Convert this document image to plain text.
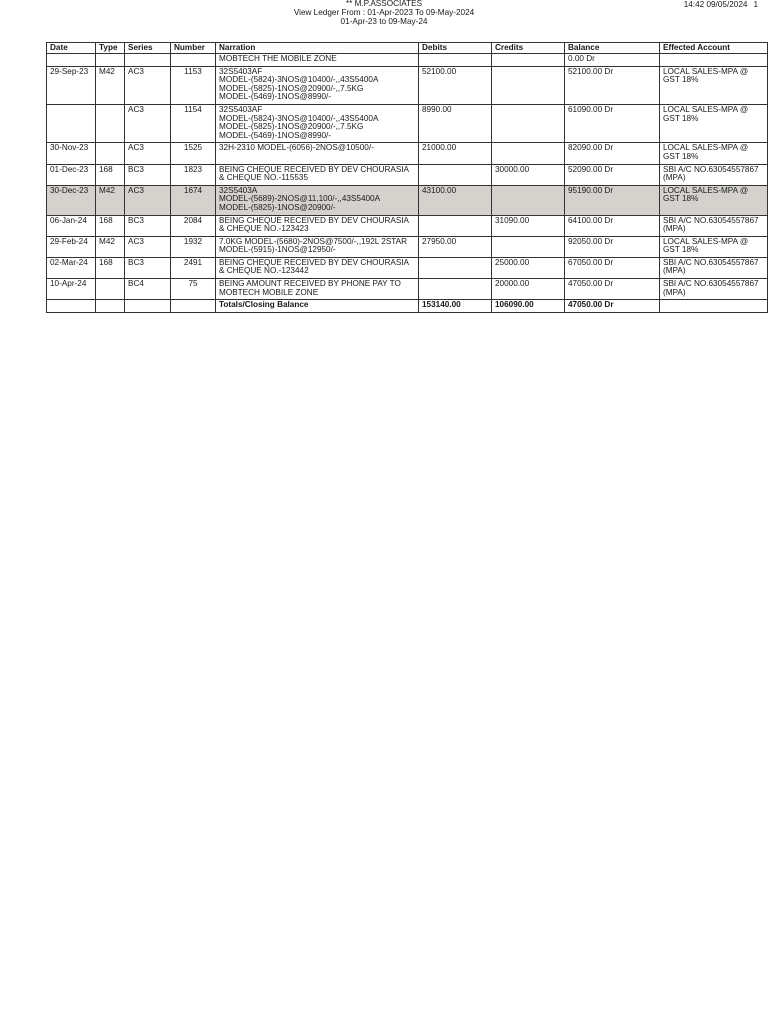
** M.P.ASSOCIATES
View Ledger From : 01-Apr-2023 To 09-May-2024
01-Apr-23 to 09-May-24
14:42 09/05/2024 1
Date	Type	Series	Number	Narration	Debits	Credits	Balance	Effected Account
				MOBTECH THE MOBILE ZONE			0.00 Dr	
29-Sep-23	M42	AC3	1153	32S5403AF
MODEL-(5824)-3NOS@10400/-,,43S5400A
MODEL-(5825)-1NOS@20900/-,,7.5KG
MODEL-(5469)-1NOS@8990/-	52100.00		52100.00 Dr	LOCAL SALES-MPA @
GST 18%
		AC3	1154	32S5403AF
MODEL-(5824)-3NOS@10400/-,,43S5400A
MODEL-(5825)-1NOS@20900/-,,7.5KG
MODEL-(5469)-1NOS@8990/-	8990.00		61090.00 Dr	LOCAL SALES-MPA @
GST 18%
30-Nov-23		AC3	1525	32H-2310 MODEL-(6056)-2NOS@10500/-	21000.00		82090.00 Dr	LOCAL SALES-MPA @
GST 18%
01-Dec-23	168	BC3	1823	BEING CHEQUE RECEIVED BY DEV CHOURASIA
& CHEQUE NO.-115535		30000.00	52090.00 Dr	SBI A/C NO.63054557867
(MPA)
30-Dec-23	M42	AC3	1674	32S5403A
MODEL-(5689)-2NOS@11,100/-,,43S5400A
MODEL-(5825)-1NOS@20900/-	43100.00		95190.00 Dr	LOCAL SALES-MPA @
GST 18%
06-Jan-24	168	BC3	2084	BEING CHEQUE RECEIVED BY DEV CHOURASIA
& CHEQUE NO.-123423		31090.00	64100.00 Dr	SBI A/C NO.63054557867
(MPA)
29-Feb-24	M42	AC3	1932	7.0KG MODEL-(5680)-2NOS@7500/-,,192L 2STAR
MODEL-(5915)-1NOS@12950/-	27950.00		92050.00 Dr	LOCAL SALES-MPA @
GST 18%
02-Mar-24	168	BC3	2491	BEING CHEQUE RECEIVED BY DEV CHOURASIA
& CHEQUE NO.-123442		25000.00	67050.00 Dr	SBI A/C NO.63054557867
(MPA)
10-Apr-24		BC4	75	BEING AMOUNT RECEIVED BY PHONE PAY TO
MOBTECH MOBILE ZONE		20000.00	47050.00 Dr	SBI A/C NO.63054557867
(MPA)
				Totals/Closing Balance	153140.00	106090.00	47050.00 Dr	
